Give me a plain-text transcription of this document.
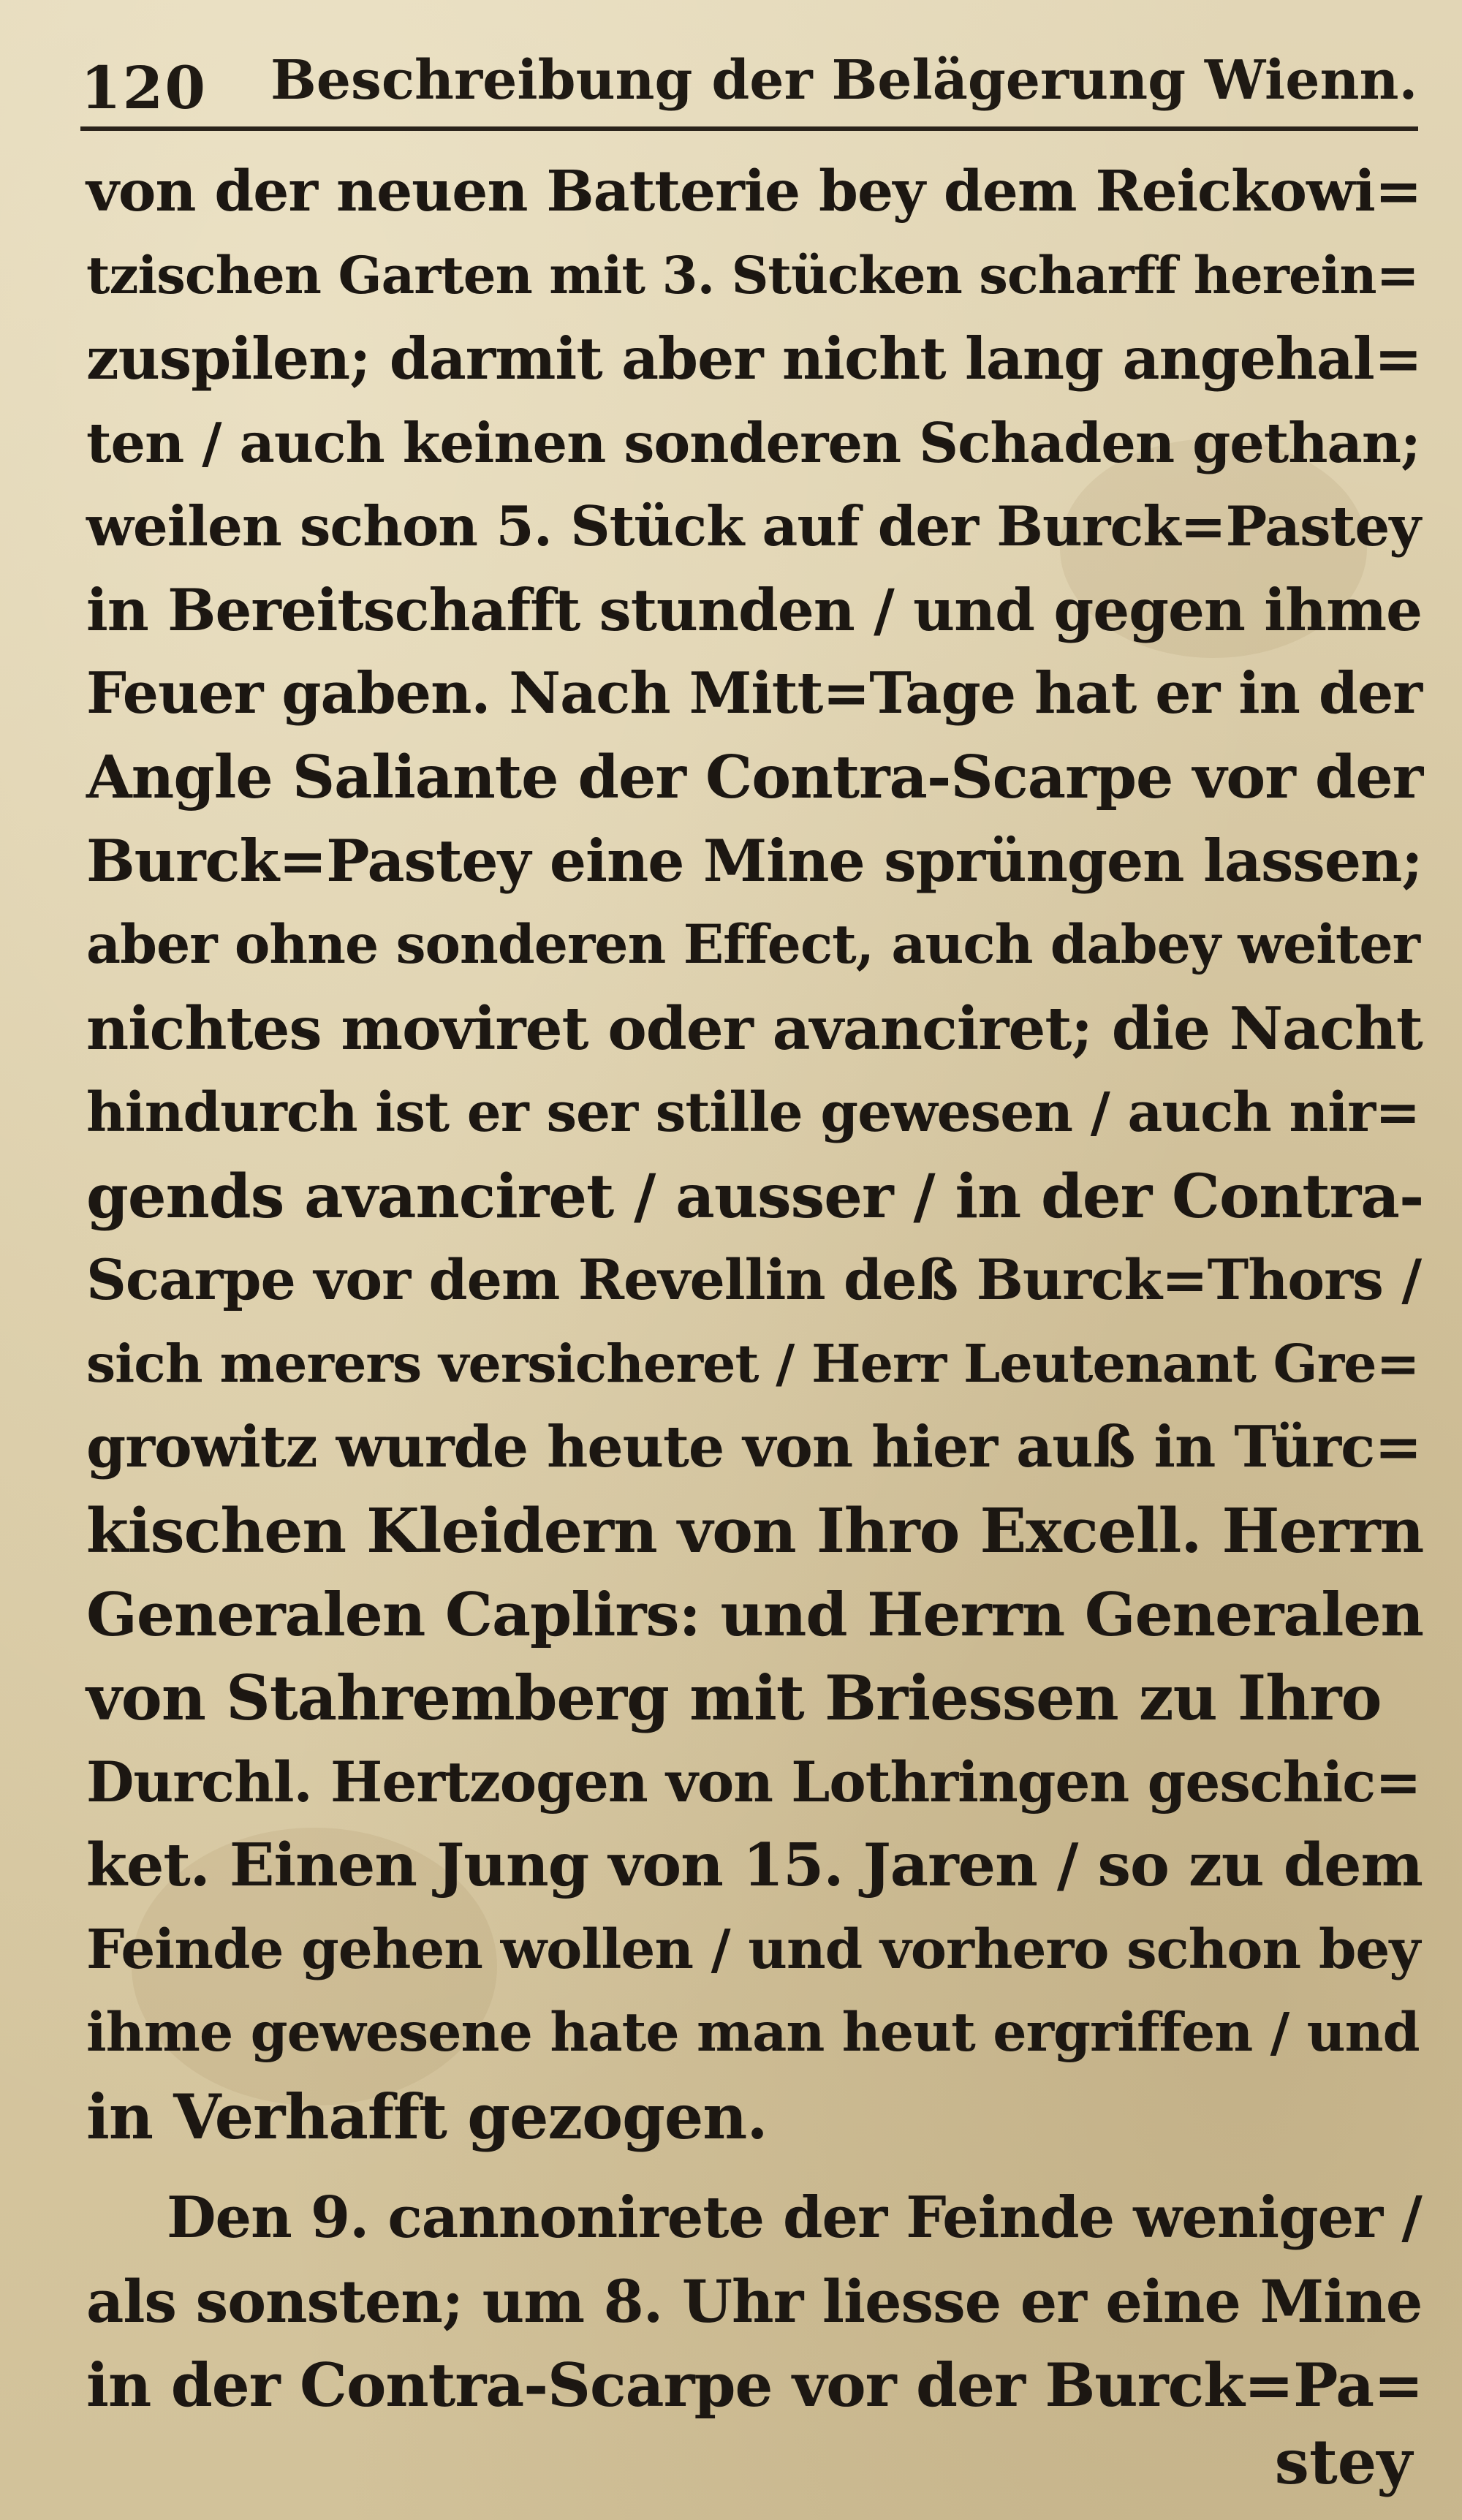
120 Beschreibung der Belägerung Wienn.
von der neuen Batterie bey dem Reickowi=
tzischen Garten mit 3. Stücken scharff herein=
zuspilen; darmit aber nicht lang angehal=
ten / auch keinen sonderen Schaden gethan;
weilen schon 5. Stück auf der Burck=Pastey
in Bereitschafft stunden / und gegen ihme
Feuer gaben. Nach Mitt=Tage hat er in der
Angle Saliante der Contra-Scarpe vor der
Burck=Pastey eine Mine sprüngen lassen;
aber ohne sonderen Effect, auch dabey weiter
nichtes moviret oder avanciret; die Nacht
hindurch ist er ser stille gewesen / auch nir=
gends avanciret / ausser / in der Contra-
Scarpe vor dem Revellin deß Burck=Thors /
sich merers versicheret / Herr Leutenant Gre=
growitz wurde heute von hier auß in Türc=
kischen Kleidern von Ihro Excell. Herrn
Generalen Caplirs: und Herrn Generalen
von Stahremberg mit Briessen zu Ihro
Durchl. Hertzogen von Lothringen geschic=
ket. Einen Jung von 15. Jaren / so zu dem
Feinde gehen wollen / und vorhero schon bey
ihme gewesene hate man heut ergriffen / und
in Verhafft gezogen.
Den 9. cannonirete der Feinde weniger /
als sonsten; um 8. Uhr liesse er eine Mine
in der Contra-Scarpe vor der Burck=Pa=
stey
